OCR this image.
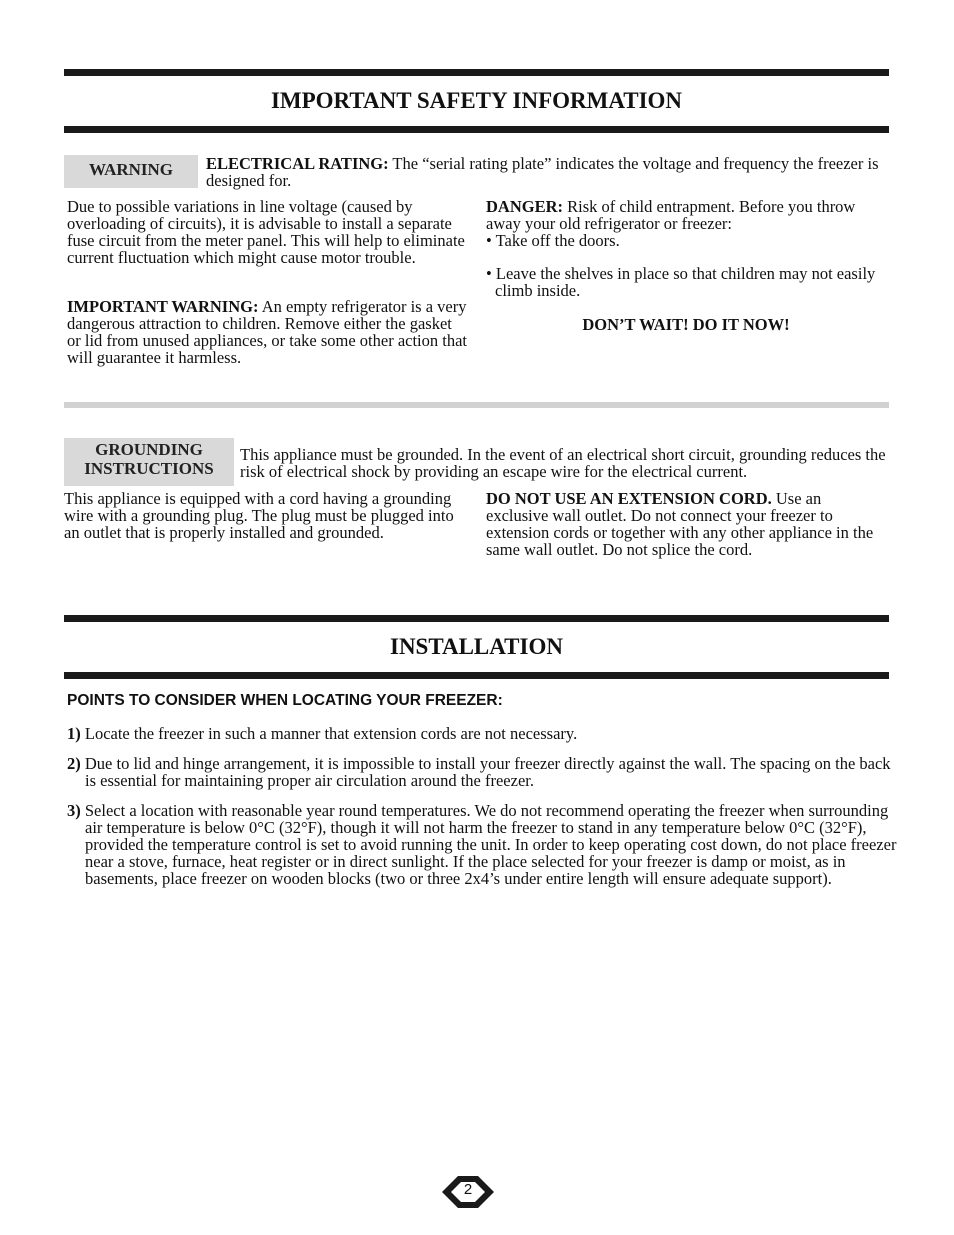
IMPORTANT SAFETY INFORMATION
WARNING	ELECTRICAL RATING: The “serial rating plate” indicates the voltage and frequency the freezer is designed for.
Due to possible variations in line voltage (caused by overloading of circuits), it is advisable to install a separate fuse circuit from the meter panel. This will help to eliminate current fluctuation which might cause motor trouble.
IMPORTANT WARNING: An empty refrigerator is a very dangerous attraction to children. Remove either the gasket or lid from unused appliances, or take some other action that will guarantee it harmless.
DANGER: Risk of child entrapment. Before you throw away your old refrigerator or freezer:
• Take off the doors.
• Leave the shelves in place so that children may not easily climb inside.
DON’T WAIT! DO IT NOW!
GROUNDING
INSTRUCTIONS
This appliance must be grounded. In the event of an electrical short circuit, grounding reduces the risk of electrical shock by providing an escape wire for the electrical current.
This appliance is equipped with a cord having a grounding wire with a grounding plug. The plug must be plugged into an outlet that is properly installed and grounded.
DO NOT USE AN EXTENSION CORD. Use an exclusive wall outlet. Do not connect your freezer to extension cords or together with any other appliance in the same wall outlet. Do not splice the cord.
INSTALLATION
POINTS TO CONSIDER WHEN LOCATING YOUR FREEZER:
1) Locate the freezer in such a manner that extension cords are not necessary.
2) Due to lid and hinge arrangement, it is impossible to install your freezer directly against the wall. The spacing on the back is essential for maintaining proper air circulation around the freezer.
3) Select a location with reasonable year round temperatures. We do not recommend operating the freezer when surrounding air temperature is below 0°C (32°F), though it will not harm the freezer to stand in any temperature below 0°C (32°F), provided the temperature control is set to avoid running the unit. In order to keep operating cost down, do not place freezer near a stove, furnace, heat register or in direct sunlight. If the place selected for your freezer is damp or moist, as in basements, place freezer on wooden blocks (two or three 2x4’s under entire length will ensure adequate support).
2
